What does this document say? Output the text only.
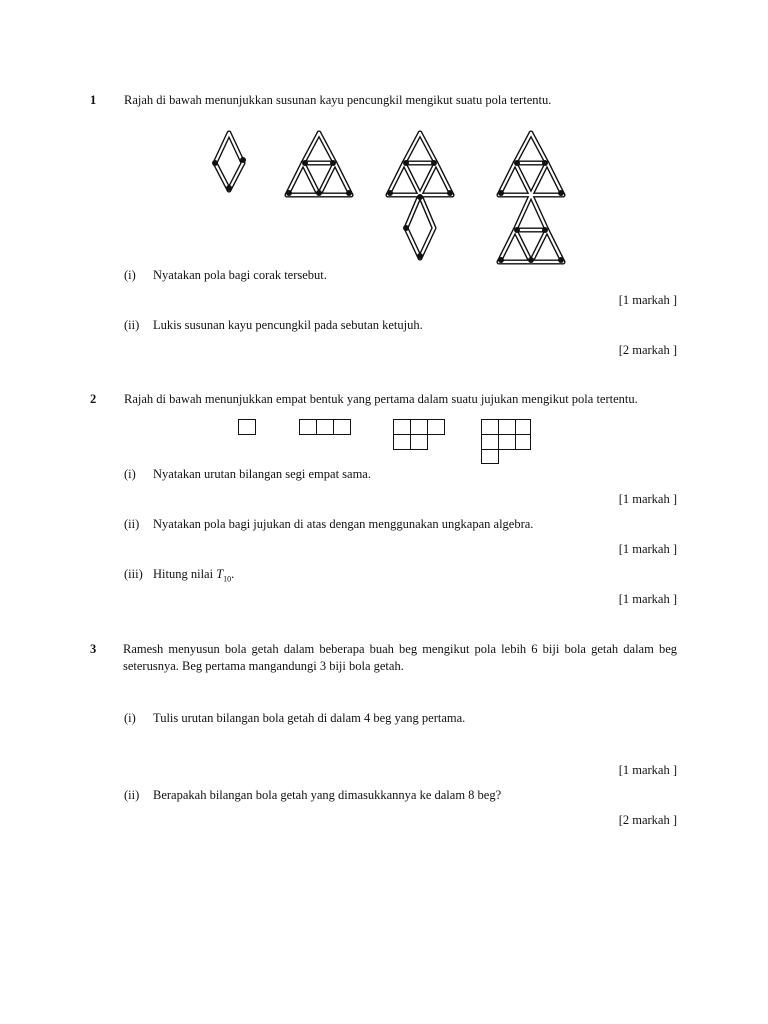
1 Rajah di bawah menunjukkan susunan kayu pencungkil mengikut suatu pola tertentu.
(i) Nyatakan pola bagi corak tersebut.
[1 markah ]
(ii) Lukis susunan kayu pencungkil pada sebutan ketujuh.
[2 markah ]
2 Rajah di bawah menunjukkan empat bentuk yang pertama dalam suatu jujukan mengikut pola tertentu.
(i) Nyatakan urutan bilangan segi empat sama.
[1 markah ]
(ii) Nyatakan pola bagi jujukan di atas dengan menggunakan ungkapan algebra.
[1 markah ]
(iii) Hitung nilai $T_{10}$.
[1 markah ]
3 Ramesh menyusun bola getah dalam beberapa buah beg mengikut pola lebih 6 biji bola getah dalam beg
seterusnya. Beg pertama mangandungi 3 biji bola getah.
(i) Tulis urutan bilangan bola getah di dalam 4 beg yang pertama.
[1 markah ]
(ii) Berapakah bilangan bola getah yang dimasukkannya ke dalam 8 beg?
[2 markah ]
